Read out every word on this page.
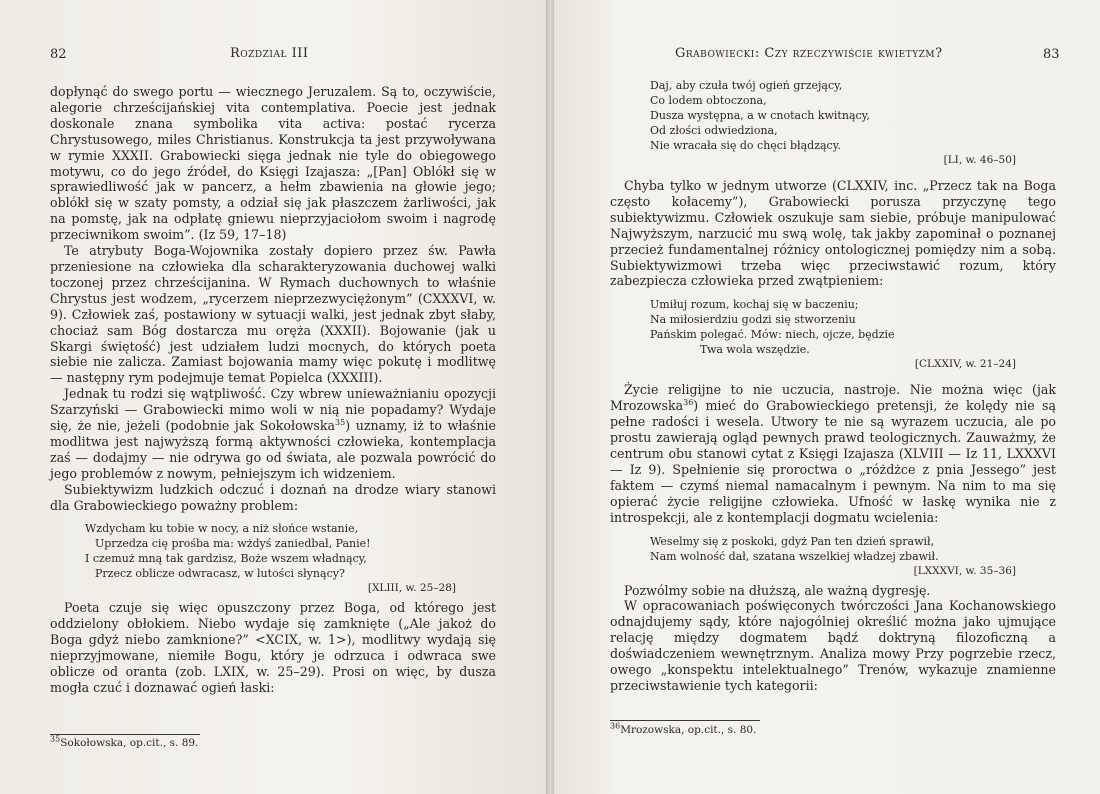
82	Rozdział III

dopłynąć do swego portu — wiecznego Jeruzalem. Są to, oczywiście, alegorie chrześcijańskiej vita contemplativa. Poecie jest jednak doskonale znana symbolika vita activa: postać rycerza Chrystusowego, miles Christianus. Konstrukcja ta jest przywoływana w rymie XXXII. Grabowiecki sięga jednak nie tyle do obiegowego motywu, co do jego źródeł, do Księgi Izajasza: „[Pan] Oblókł się w sprawiedliwość jak w pancerz, a hełm zbawienia na głowie jego; oblókł się w szaty pomsty, a odział się jak płaszczem żarliwości, jak na pomstę, jak na odpłatę gniewu nieprzyjaciołom swoim i nagrodę przeciwnikom swoim”. (Iz 59, 17–18)

Te atrybuty Boga-Wojownika zostały dopiero przez św. Pawła przeniesione na człowieka dla scharakteryzowania duchowej walki toczonej przez chrześcijanina. W Rymach duchownych to właśnie Chrystus jest wodzem, „rycerzem nieprzezwyciężonym” (CXXXVI, w. 9). Człowiek zaś, postawiony w sytuacji walki, jest jednak zbyt słaby, chociaż sam Bóg dostarcza mu oręża (XXXII). Bojowanie (jak u Skargi świętość) jest udziałem ludzi mocnych, do których poeta siebie nie zalicza. Zamiast bojowania mamy więc pokutę i modlitwę — następny rym podejmuje temat Popielca (XXXIII).

Jednak tu rodzi się wątpliwość. Czy wbrew unieważnianiu opozycji Szarzyński — Grabowiecki mimo woli w nią nie popadamy? Wydaje się, że nie, jeżeli (podobnie jak Sokołowska$^{35}$) uznamy, iż to właśnie modlitwa jest najwyższą formą aktywności człowieka, kontemplacja zaś — dodajmy — nie odrywa go od świata, ale pozwala powrócić do jego problemów z nowym, pełniejszym ich widzeniem.

Subiektywizm ludzkich odczuć i doznań na drodze wiary stanowi dla Grabowieckiego poważny problem:

Wzdycham ku tobie w nocy, a niż słońce wstanie,
Uprzedza cię prośba ma: wżdyś zaniedbał, Panie!
I czemuż mną tak gardzisz, Boże wszem władnący,
Przecz oblicze odwracasz, w lutości słynący?
[XLIII, w. 25–28]

Poeta czuje się więc opuszczony przez Boga, od którego jest oddzielony obłokiem. Niebo wydaje się zamknięte („Ale jakoż do Boga gdyż niebo zamknione?” <XCIX, w. 1>), modlitwy wydają się nieprzyjmowane, niemiłe Bogu, który je odrzuca i odwraca swe oblicze od oranta (zob. LXIX, w. 25–29). Prosi on więc, by dusza mogła czuć i doznawać ogień łaski:

$^{35}$Sokołowska, op.cit., s. 89.
Grabowiecki: Czy rzeczywiście kwietyzm?	83
Daj, aby czuła twój ogień grzejący,
Co lodem obtoczona,
Dusza występna, a w cnotach kwitnący,
Od złości odwiedziona,
Nie wracała się do chęci błądzący.
[LI, w. 46–50]

Chyba tylko w jednym utworze (CLXXIV, inc. „Przecz tak na Boga często kołacemy”), Grabowiecki porusza przyczynę tego subiektywizmu. Człowiek oszukuje sam siebie, próbuje manipulować Najwyższym, narzucić mu swą wolę, tak jakby zapominał o poznanej przecież fundamentalnej różnicy ontologicznej pomiędzy nim a sobą. Subiektywizmowi trzeba więc przeciwstawić rozum, który zabezpiecza człowieka przed zwątpieniem:

Umiłuj rozum, kochaj się w baczeniu;
Na miłosierdziu godzi się stworzeniu
Pańskim polegać. Mów: niech, ojcze, będzie
Twa wola wszędzie.
[CLXXIV, w. 21–24]

Życie religijne to nie uczucia, nastroje. Nie można więc (jak Mrozowska$^{36}$) mieć do Grabowieckiego pretensji, że kolędy nie są pełne radości i wesela. Utwory te nie są wyrazem uczucia, ale po prostu zawierają ogląd pewnych prawd teologicznych. Zauważmy, że centrum obu stanowi cytat z Księgi Izajasza (XLVIII — Iz 11, LXXXVI — Iz 9). Spełnienie się proroctwa o „różdżce z pnia Jessego” jest faktem — czymś niemal namacalnym i pewnym. Na nim to ma się opierać życie religijne człowieka. Ufność w łaskę wynika nie z introspekcji, ale z kontemplacji dogmatu wcielenia:

Weselmy się z poskoki, gdyż Pan ten dzień sprawił,
Nam wolność dał, szatana wszelkiej władzej zbawił.
[LXXXVI, w. 35–36]

Pozwólmy sobie na dłuższą, ale ważną dygresję.

W opracowaniach poświęconych twórczości Jana Kochanowskiego odnajdujemy sądy, które najogólniej określić można jako ujmujące relację między dogmatem bądź doktryną filozoficzną a doświadczeniem wewnętrznym. Analiza mowy Przy pogrzebie rzecz, owego „konspektu intelektualnego” Trenów, wykazuje znamienne przeciwstawienie tych kategorii:

$^{36}$Mrozowska, op.cit., s. 80.
